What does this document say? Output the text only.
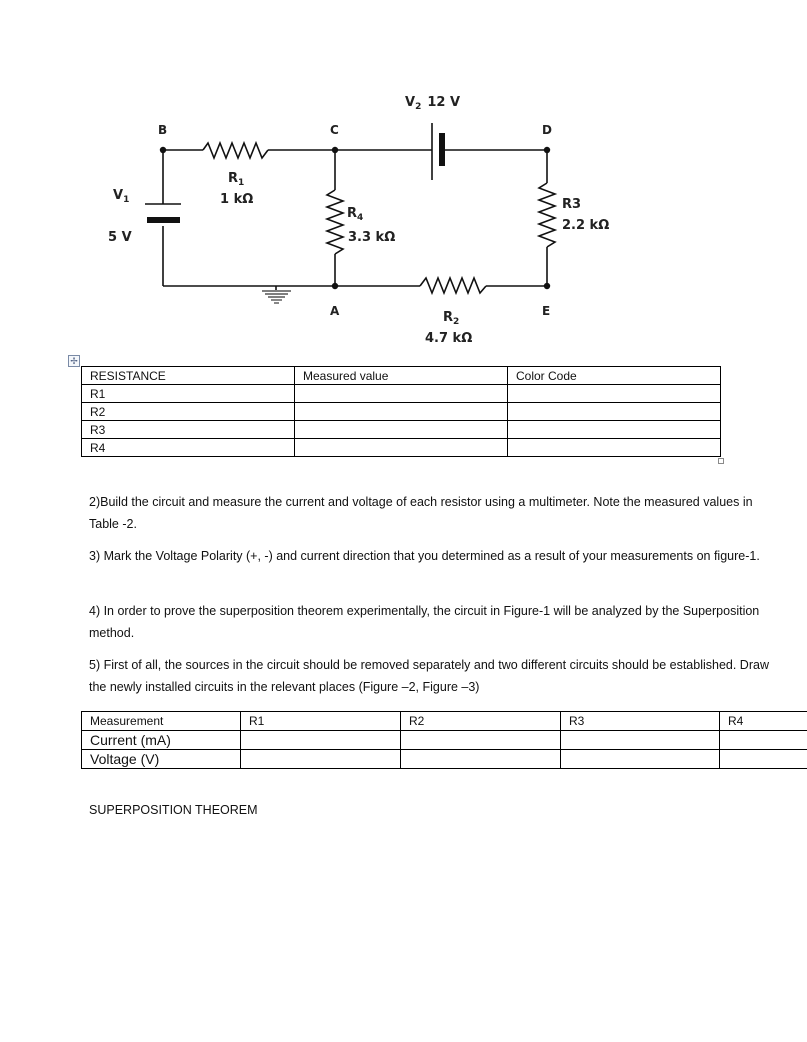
B	C	D
A	E
$V_2$ 12 V
$V_1$
5 V
$R_1$
1 kΩ
$R_4$
3.3 kΩ
R3
2.2 kΩ
$R_2$
4.7 kΩ
✢
RESISTANCE	Measured value	Color Code
R1		
R2		
R3		
R4		
2)Build the circuit and measure the current and voltage of each resistor using a multimeter. Note the measured values in Table -2.
3) Mark the Voltage Polarity (+, -) and current direction that you determined as a result of your measurements on figure-1.
4) In order to prove the superposition theorem experimentally, the circuit in Figure-1 will be analyzed by the Superposition method.
5) First of all, the sources in the circuit should be removed separately and two different circuits should be established. Draw the newly installed circuits in the relevant places (Figure –2, Figure –3)
Measurement	R1	R2	R3	R4
Current (mA)				
Voltage (V)				
SUPERPOSITION THEOREM
